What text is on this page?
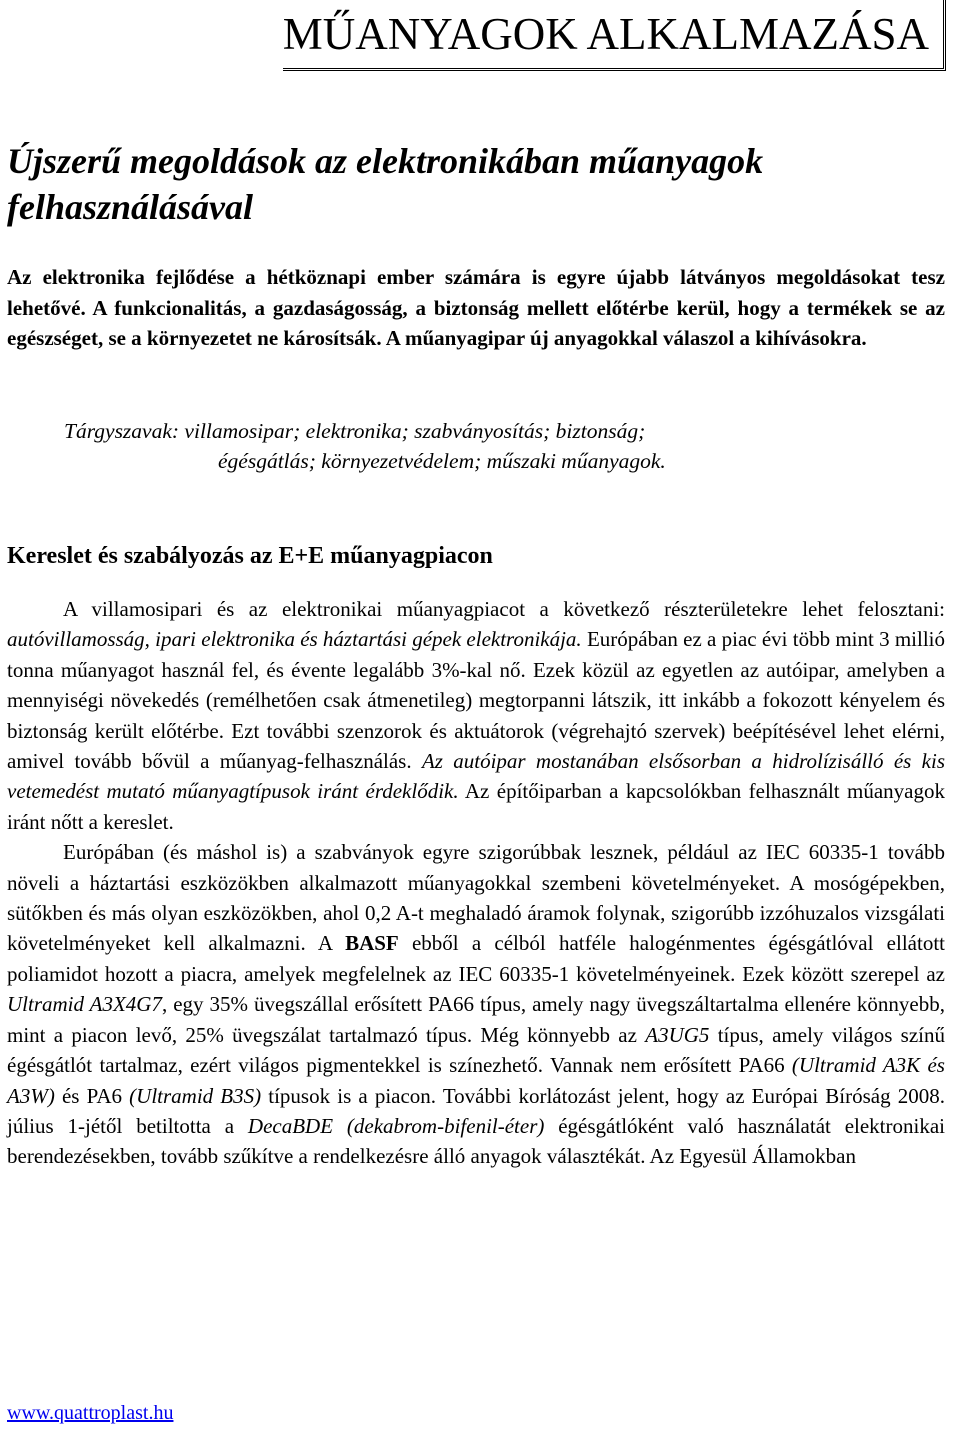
MŰANYAGOK ALKALMAZÁSA
Újszerű megoldások az elektronikában műanyagok felhasználásával
Az elektronika fejlődése a hétköznapi ember számára is egyre újabb látványos megoldásokat tesz lehetővé. A funkcionalitás, a gazdaságosság, a biztonság mellett előtérbe kerül, hogy a termékek se az egészséget, se a környezetet ne károsítsák. A műanyagipar új anyagokkal válaszol a kihívásokra.
Tárgyszavak: villamosipar; elektronika; szabványosítás; biztonság;
égésgátlás; környezetvédelem; műszaki műanyagok.
Kereslet és szabályozás az E+E műanyagpiacon

A villamosipari és az elektronikai műanyagpiacot a következő részterületekre lehet felosztani: autóvillamosság, ipari elektronika és háztartási gépek elektronikája. Európában ez a piac évi több mint 3 millió tonna műanyagot használ fel, és évente legalább 3%-kal nő. Ezek közül az egyetlen az autóipar, amelyben a mennyiségi növekedés (remélhetően csak átmenetileg) megtorpanni látszik, itt inkább a fokozott kényelem és biztonság került előtérbe. Ezt további szenzorok és aktuátorok (végrehajtó szervek) beépítésével lehet elérni, amivel tovább bővül a műanyag-felhasználás. Az autóipar mostanában elsősorban a hidrolízisálló és kis vetemedést mutató műanyagtípusok iránt érdeklődik. Az építőiparban a kapcsolókban felhasznált műanyagok iránt nőtt a kereslet.

Európában (és máshol is) a szabványok egyre szigorúbbak lesznek, például az IEC 60335-1 tovább növeli a háztartási eszközökben alkalmazott műanyagokkal szembeni követelményeket. A mosógépekben, sütőkben és más olyan eszközökben, ahol 0,2 A-t meghaladó áramok folynak, szigorúbb izzóhuzalos vizsgálati követelményeket kell alkalmazni. A BASF ebből a célból hatféle halogénmentes égésgátlóval ellátott poliamidot hozott a piacra, amelyek megfelelnek az IEC 60335-1 követelményeinek. Ezek között szerepel az Ultramid A3X4G7, egy 35% üvegszállal erősített PA66 típus, amely nagy üvegszáltartalma ellenére könnyebb, mint a piacon levő, 25% üvegszálat tartalmazó típus. Még könnyebb az A3UG5 típus, amely világos színű égésgátlót tartalmaz, ezért világos pigmentekkel is színezhető. Vannak nem erősített PA66 (Ultramid A3K és A3W) és PA6 (Ultramid B3S) típusok is a piacon. További korlátozást jelent, hogy az Európai Bíróság 2008. július 1-jétől betiltotta a DecaBDE (dekabrom-bifenil-éter) égésgátlóként való használatát elektronikai berendezésekben, tovább szűkítve a rendelkezésre álló anyagok választékát. Az Egyesül Államokban

www.quattroplast.hu
